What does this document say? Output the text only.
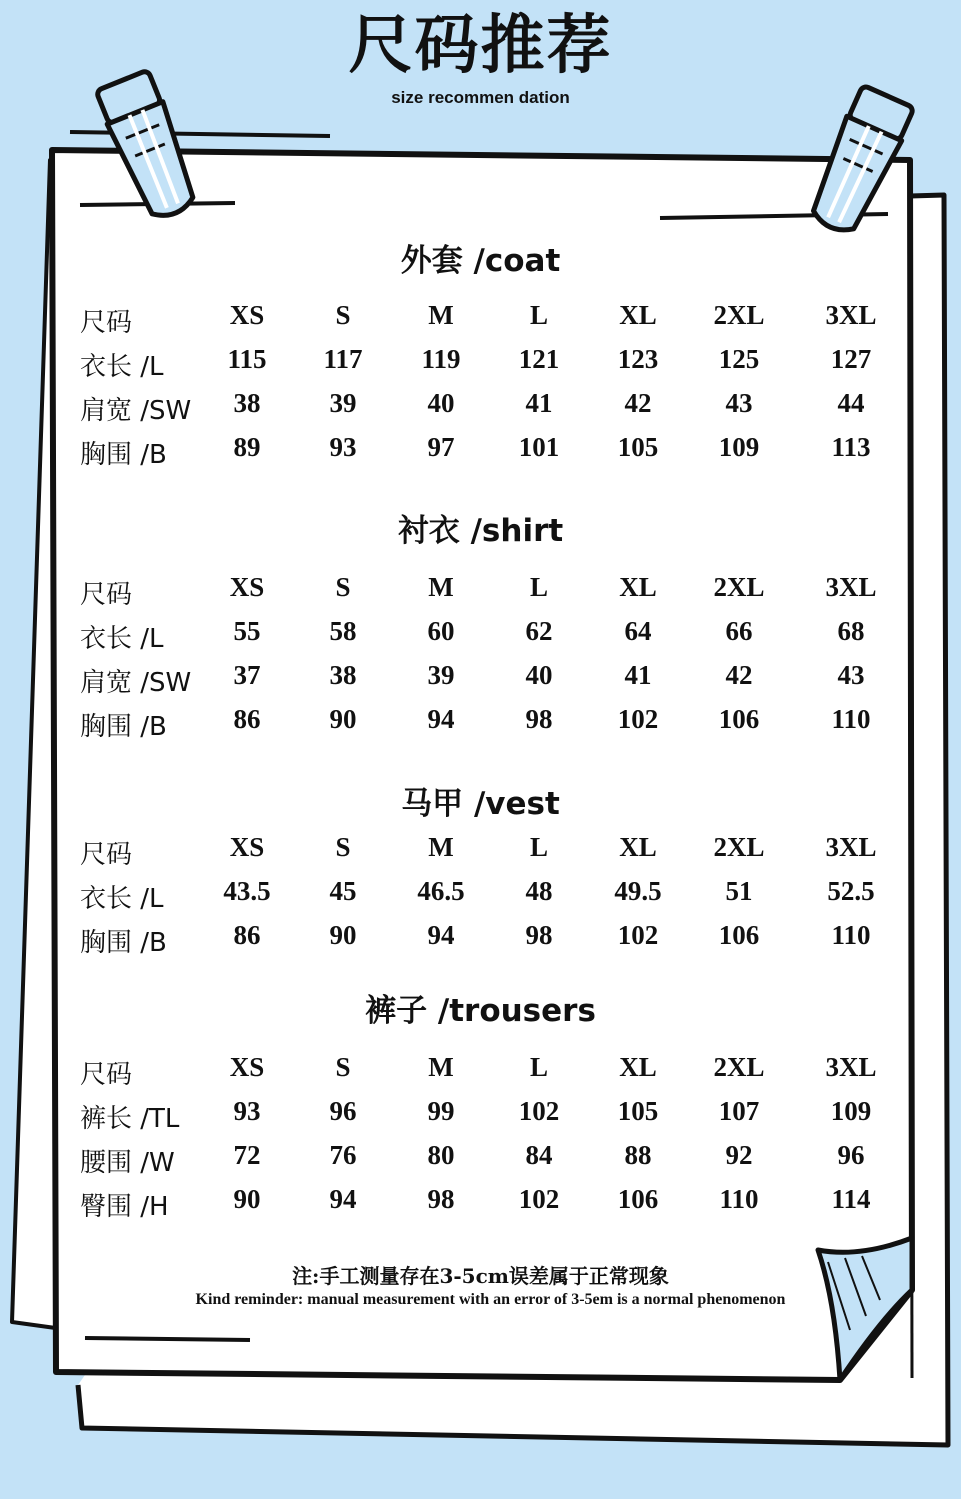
尺码推荐
size recommen dation
外套 /coat
尺码	XS	S	M	L	XL	2XL	3XL
衣长 /L	115	117	119	121	123	125	127
肩宽 /SW	38	39	40	41	42	43	44
胸围 /B	89	93	97	101	105	109	113
衬衣 /shirt
尺码	XS	S	M	L	XL	2XL	3XL
衣长 /L	55	58	60	62	64	66	68
肩宽 /SW	37	38	39	40	41	42	43
胸围 /B	86	90	94	98	102	106	110
马甲 /vest
尺码	XS	S	M	L	XL	2XL	3XL
衣长 /L	43.5	45	46.5	48	49.5	51	52.5
胸围 /B	86	90	94	98	102	106	110
裤子 /trousers
尺码	XS	S	M	L	XL	2XL	3XL
裤长 /TL	93	96	99	102	105	107	109
腰围 /W	72	76	80	84	88	92	96
臀围 /H	90	94	98	102	106	110	114
注:手工测量存在3-5cm误差属于正常现象
Kind reminder: manual measurement with an error of 3-5em is a normal phenomenon
